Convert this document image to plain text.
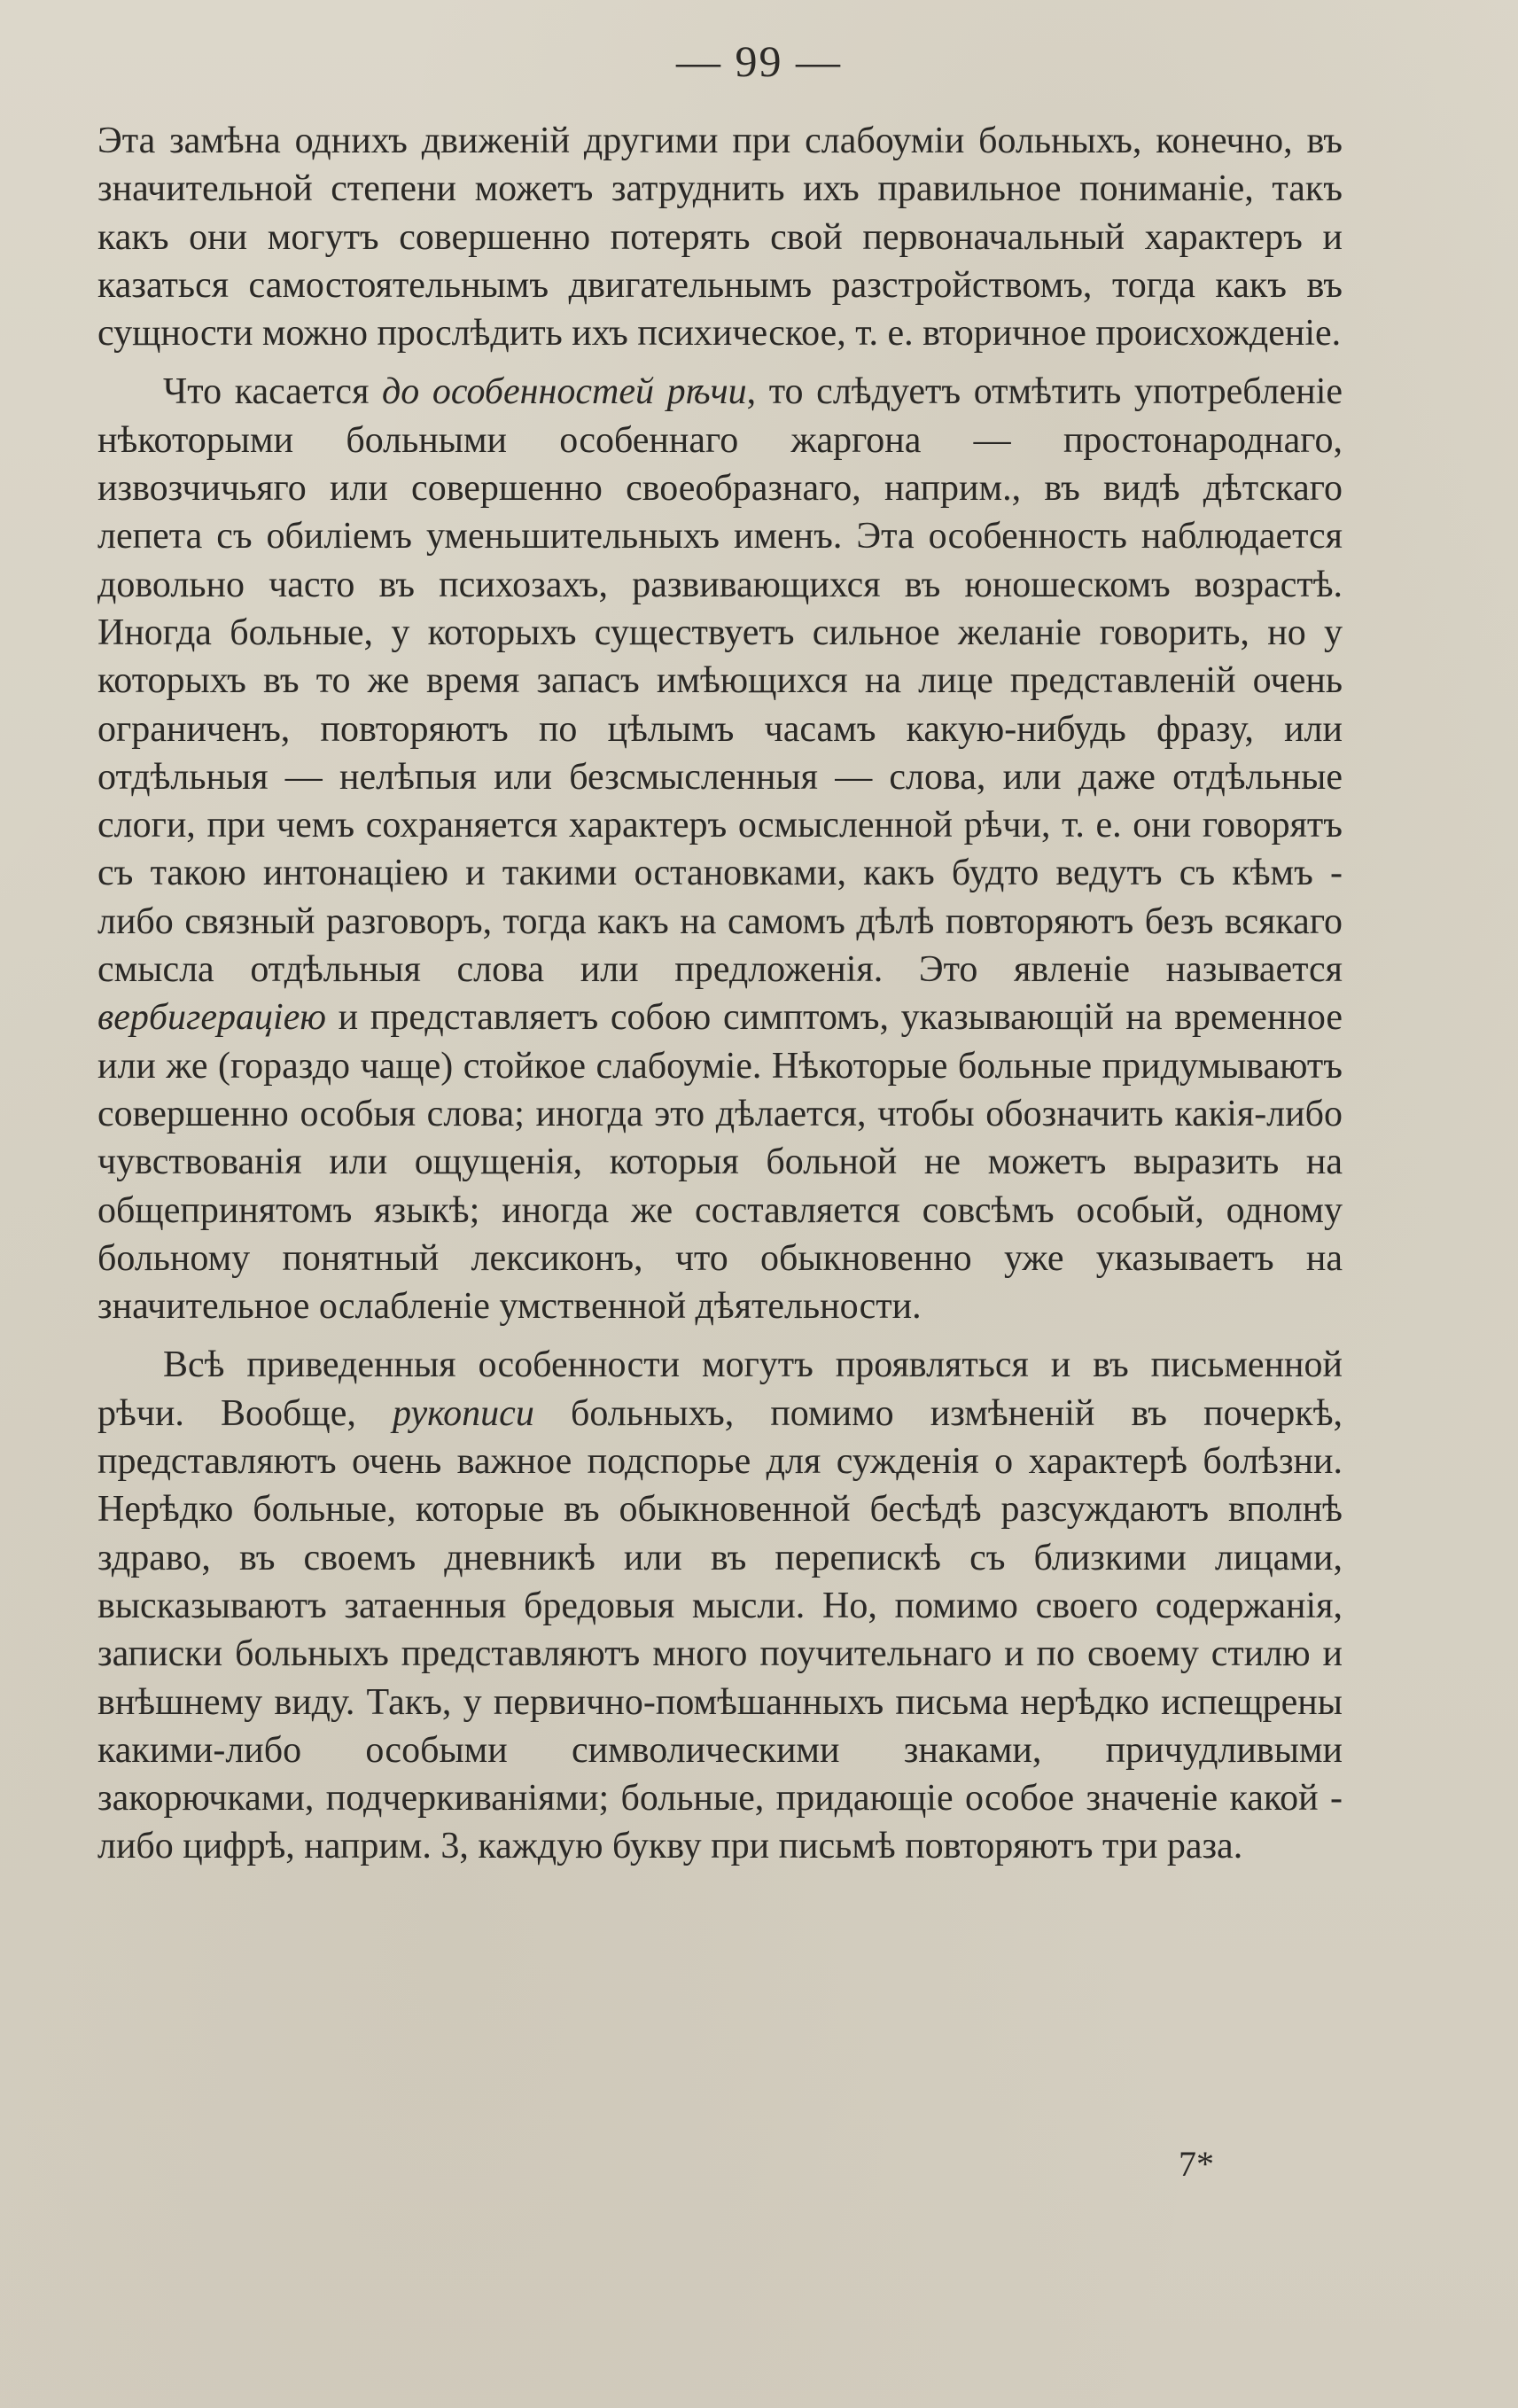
— 99 —

Эта замѣна однихъ движеній другими при слабоуміи больныхъ, конечно, въ значительной степени можетъ затруднить ихъ правильное пониманіе, такъ какъ они могутъ совершенно потерять свой первоначальный характеръ и казаться самостоятельнымъ двигательнымъ разстройствомъ, тогда какъ въ сущности можно прослѣдить ихъ психическое, т. е. вторичное происхожденіе.

Что касается до особенностей рѣчи, то слѣдуетъ отмѣтить употребленіе нѣкоторыми больными особеннаго жаргона — простонароднаго, извозчичьяго или совершенно своеобразнаго, наприм., въ видѣ дѣтскаго лепета съ обиліемъ уменьшительныхъ именъ. Эта особенность наблюдается довольно часто въ психозахъ, развивающихся въ юношескомъ возрастѣ. Иногда больные, у которыхъ существуетъ сильное желаніе говорить, но у которыхъ въ то же время запасъ имѣющихся на лице представленій очень ограниченъ, повторяютъ по цѣлымъ часамъ какую-нибудь фразу, или отдѣльныя — нелѣпыя или безсмысленныя — слова, или даже отдѣльные слоги, при чемъ сохраняется характеръ осмысленной рѣчи, т. е. они говорятъ съ такою интонаціею и такими остановками, какъ будто ведутъ съ кѣмъ - либо связный разговоръ, тогда какъ на самомъ дѣлѣ повторяютъ безъ всякаго смысла отдѣльныя слова или предложенія. Это явленіе называется вербигераціею и представляетъ собою симптомъ, указывающій на временное или же (гораздо чаще) стойкое слабоуміе. Нѣкоторые больные придумываютъ совершенно особыя слова; иногда это дѣлается, чтобы обозначить какія-либо чувствованія или ощущенія, которыя больной не можетъ выразить на общепринятомъ языкѣ; иногда же составляется совсѣмъ особый, одному больному понятный лексиконъ, что обыкновенно уже указываетъ на значительное ослабленіе умственной дѣятельности.

Всѣ приведенныя особенности могутъ проявляться и въ письменной рѣчи. Вообще, рукописи больныхъ, помимо измѣненій въ почеркѣ, представляютъ очень важное подспорье для сужденія о характерѣ болѣзни. Нерѣдко больные, которые въ обыкновенной бесѣдѣ разсуждаютъ вполнѣ здраво, въ своемъ дневникѣ или въ перепискѣ съ близкими лицами, высказываютъ затаенныя бредовыя мысли. Но, помимо своего содержанія, записки больныхъ представляютъ много поучительнаго и по своему стилю и внѣшнему виду. Такъ, у первично-помѣшанныхъ письма нерѣдко испещрены какими-либо особыми символическими знаками, причудливыми закорючками, подчеркиваніями; больные, придающіе особое значеніе какой - либо цифрѣ, наприм. 3, каждую букву при письмѣ повторяютъ три раза.

7*
